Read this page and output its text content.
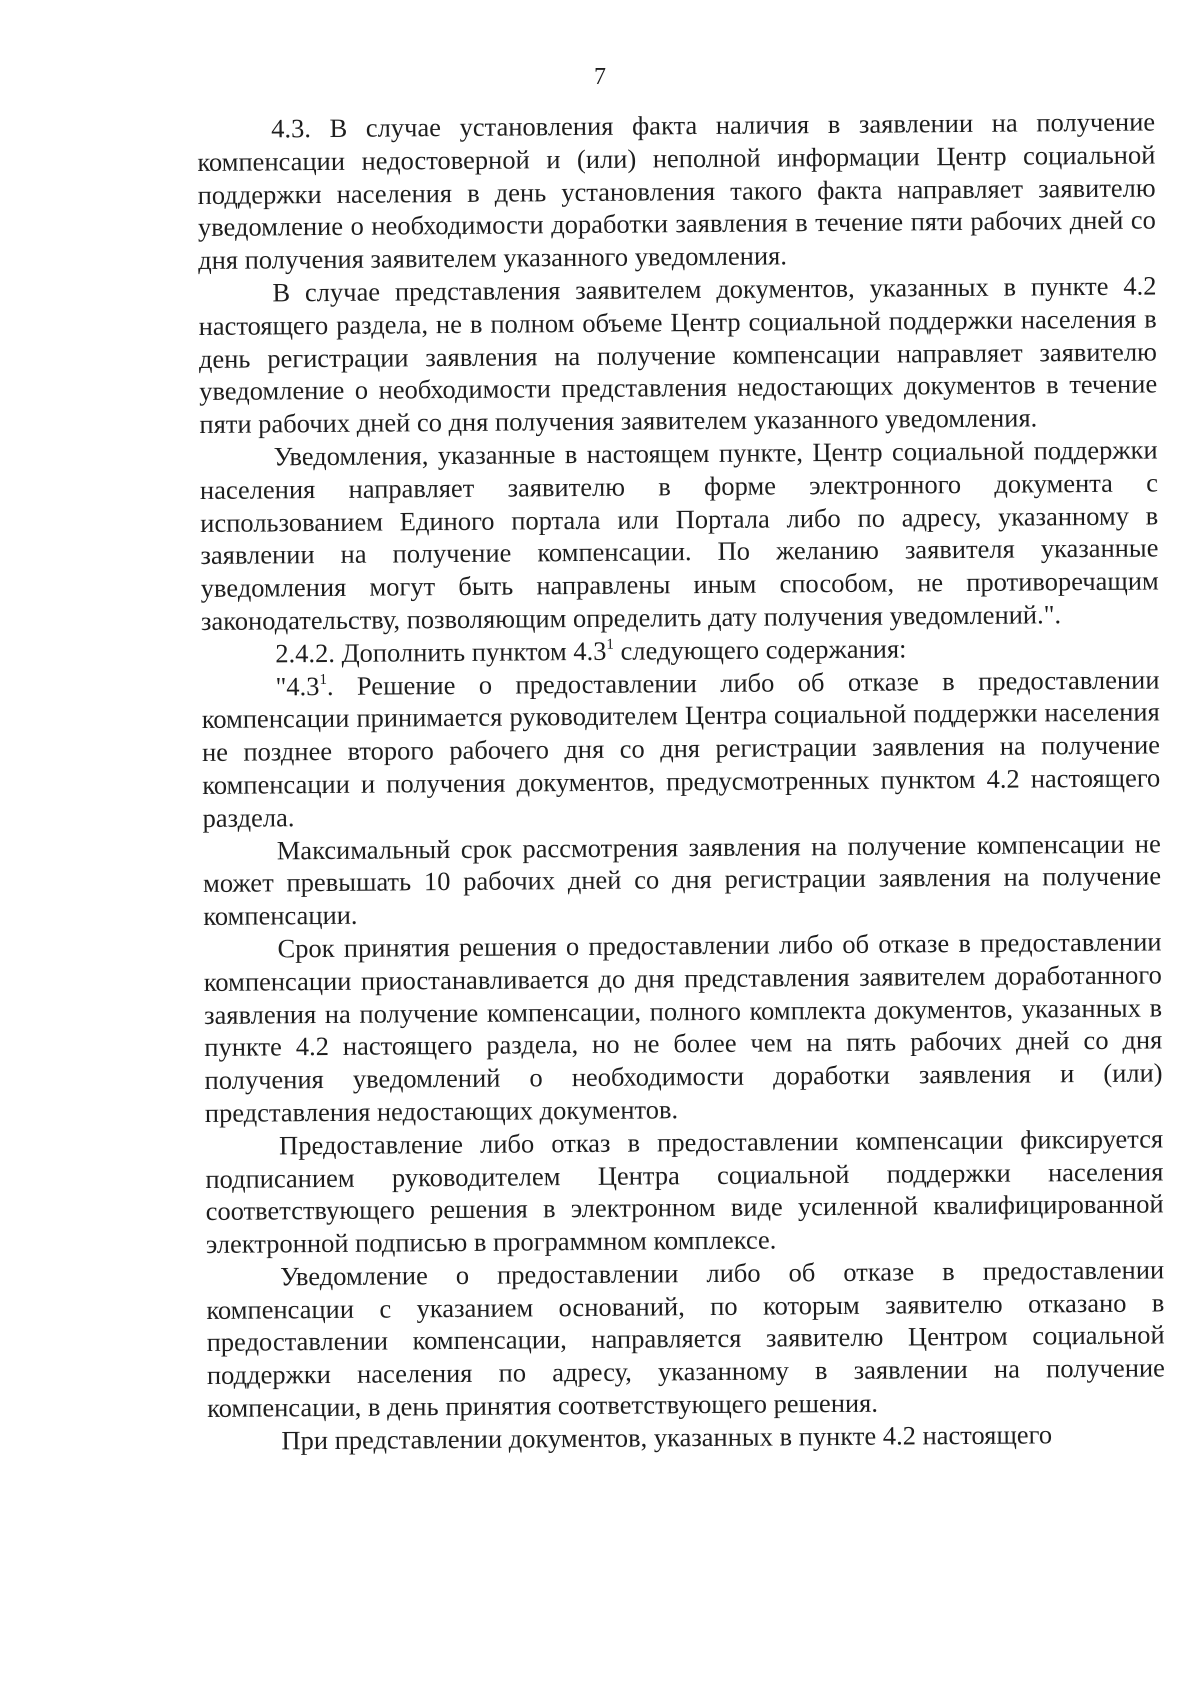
7

4.3. В случае установления факта наличия в заявлении на получение компенсации недостоверной и (или) неполной информации Центр социальной поддержки населения в день установления такого факта направляет заявителю уведомление о необходимости доработки заявления в течение пяти рабочих дней со дня получения заявителем указанного уведомления.

В случае представления заявителем документов, указанных в пункте 4.2 настоящего раздела, не в полном объеме Центр социальной поддержки населения в день регистрации заявления на получение компенсации направляет заявителю уведомление о необходимости представления недостающих документов в течение пяти рабочих дней со дня получения заявителем указанного уведомления.

Уведомления, указанные в настоящем пункте, Центр социальной поддержки населения направляет заявителю в форме электронного документа с использованием Единого портала или Портала либо по адресу, указанному в заявлении на получение компенсации. По желанию заявителя указанные уведомления могут быть направлены иным способом, не противоречащим законодательству, позволяющим определить дату получения уведомлений.".

2.4.2. Дополнить пунктом $4.3^1$ следующего содержания:

"$4.3^1$. Решение о предоставлении либо об отказе в предоставлении компенсации принимается руководителем Центра социальной поддержки населения не позднее второго рабочего дня со дня регистрации заявления на получение компенсации и получения документов, предусмотренных пунктом 4.2 настоящего раздела.

Максимальный срок рассмотрения заявления на получение компенсации не может превышать 10 рабочих дней со дня регистрации заявления на получение компенсации.

Срок принятия решения о предоставлении либо об отказе в предоставлении компенсации приостанавливается до дня представления заявителем доработанного заявления на получение компенсации, полного комплекта документов, указанных в пункте 4.2 настоящего раздела, но не более чем на пять рабочих дней со дня получения уведомлений о необходимости доработки заявления и (или) представления недостающих документов.

Предоставление либо отказ в предоставлении компенсации фиксируется подписанием руководителем Центра социальной поддержки населения соответствующего решения в электронном виде усиленной квалифицированной электронной подписью в программном комплексе.

Уведомление о предоставлении либо об отказе в предоставлении компенсации с указанием оснований, по которым заявителю отказано в предоставлении компенсации, направляется заявителю Центром социальной поддержки населения по адресу, указанному в заявлении на получение компенсации, в день принятия соответствующего решения.

При представлении документов, указанных в пункте 4.2 настоящего
